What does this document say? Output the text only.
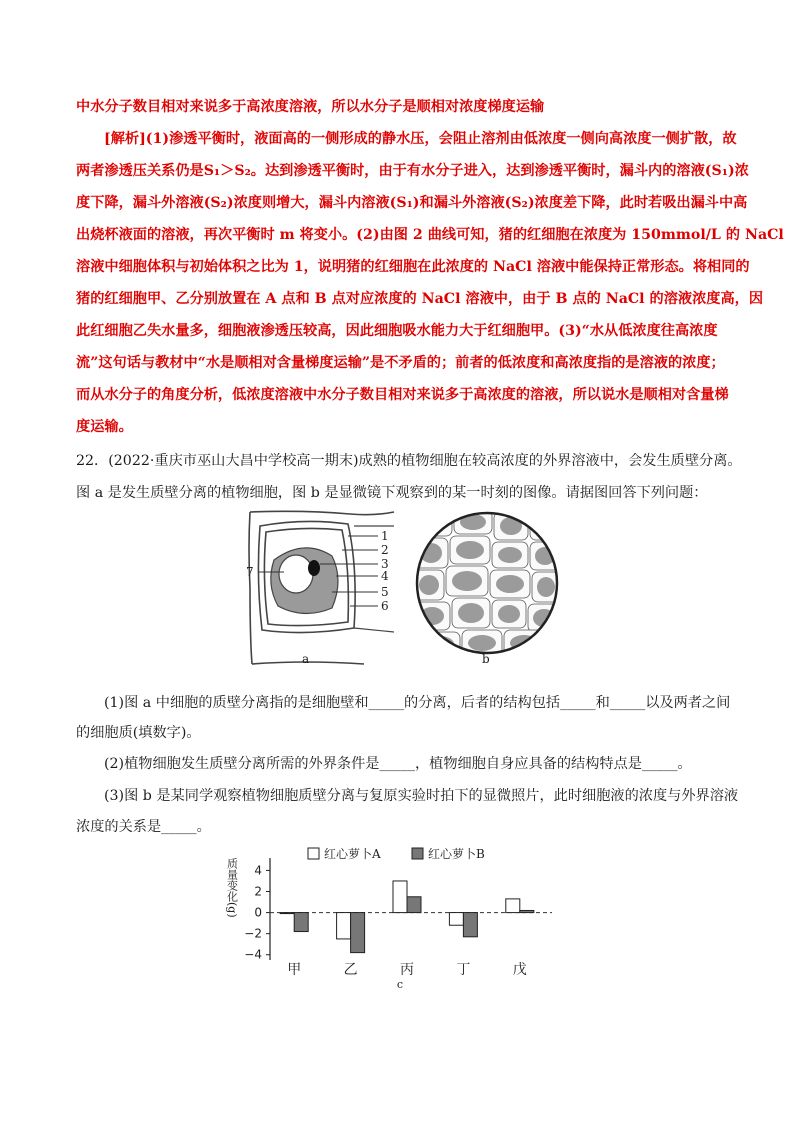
中水分子数目相对来说多于高浓度溶液，所以水分子是顺相对浓度梯度运输
[解析](1)渗透平衡时，液面高的一侧形成的静水压，会阻止溶剂由低浓度一侧向高浓度一侧扩散，故
两者渗透压关系仍是S₁＞S₂。达到渗透平衡时，由于有水分子进入，达到渗透平衡时，漏斗内的溶液(S₁)浓
度下降，漏斗外溶液(S₂)浓度则增大，漏斗内溶液(S₁)和漏斗外溶液(S₂)浓度差下降，此时若吸出漏斗中高
出烧杯液面的溶液，再次平衡时 m 将变小。(2)由图 2 曲线可知，猪的红细胞在浓度为 150mmol/L 的 NaCl
溶液中细胞体积与初始体积之比为 1，说明猪的红细胞在此浓度的 NaCl 溶液中能保持正常形态。将相同的
猪的红细胞甲、乙分别放置在 A 点和 B 点对应浓度的 NaCl 溶液中，由于 B 点的 NaCl 的溶液浓度高，因
此红细胞乙失水量多，细胞液渗透压较高，因此细胞吸水能力大于红细胞甲。(3)“水从低浓度往高浓度
流”这句话与教材中“水是顺相对含量梯度运输”是不矛盾的；前者的低浓度和高浓度指的是溶液的浓度；
而从水分子的角度分析，低浓度溶液中水分子数目相对来说多于高浓度的溶液，所以说水是顺相对含量梯
度运输。
22．(2022·重庆市巫山大昌中学校高一期末)成熟的植物细胞在较高浓度的外界溶液中，会发生质壁分离。
图 a 是发生质壁分离的植物细胞，图 b 是显微镜下观察到的某一时刻的图像。请据图回答下列问题：
1
2
3
4
5
6
7
a	b
(1)图 a 中细胞的质壁分离指的是细胞壁和_____的分离，后者的结构包括_____和_____以及两者之间
的细胞质(填数字)。
(2)植物细胞发生质壁分离所需的外界条件是_____，植物细胞自身应具备的结构特点是_____。
(3)图 b 是某同学观察植物细胞质壁分离与复原实验时拍下的显微照片，此时细胞液的浓度与外界溶液
浓度的关系是_____。
质量变化(g) 4
2
0
−2
−4
甲	乙	丙	丁	戊
红心萝卜A	红心萝卜B
c
